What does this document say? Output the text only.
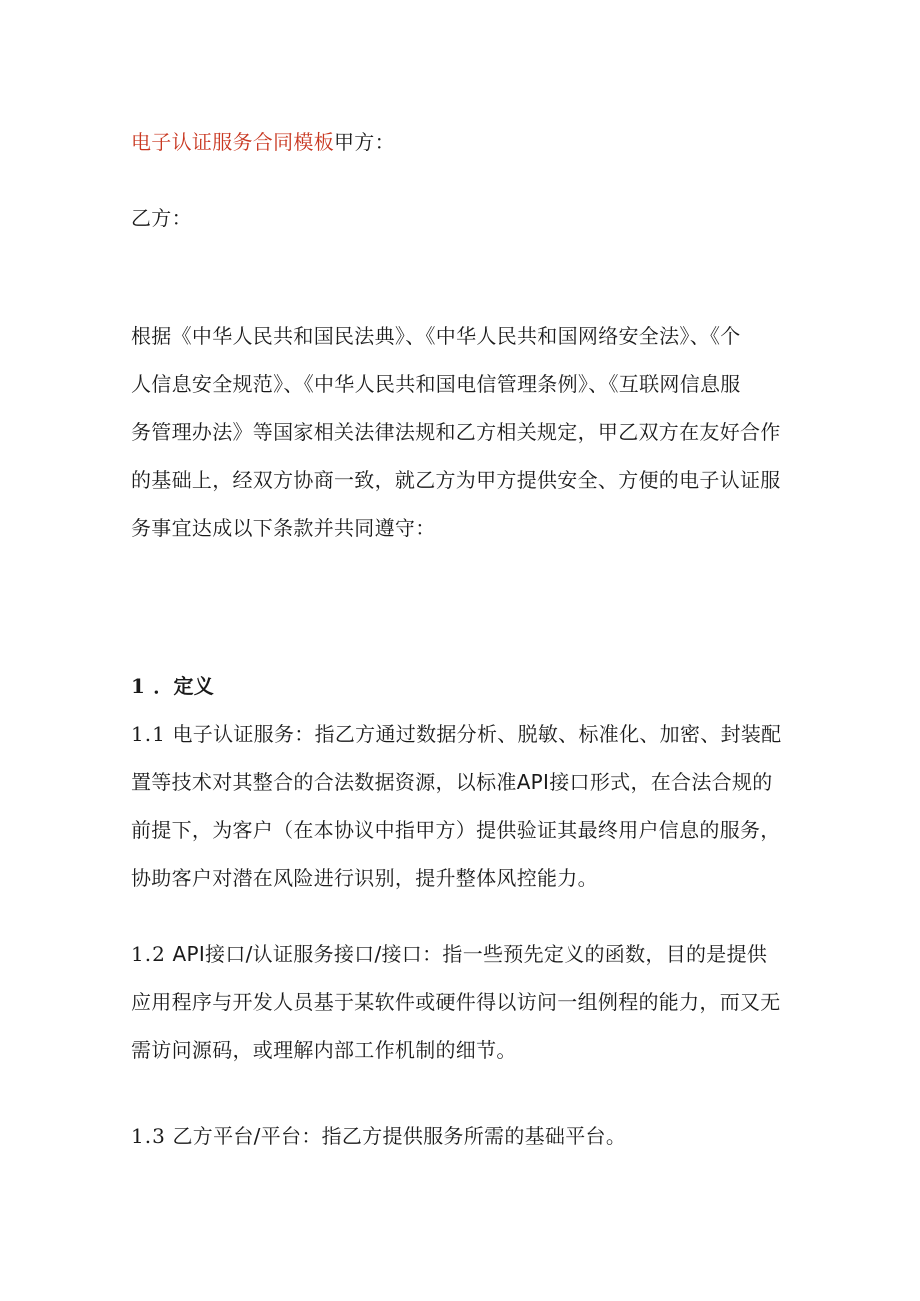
电子认证服务合同模板甲方：
乙方：
根据《中华人民共和国民法典》、《中华人民共和国网络安全法》、《个
人信息安全规范》、《中华人民共和国电信管理条例》、《互联网信息服
务管理办法》等国家相关法律法规和乙方相关规定，甲乙双方在友好合作
的基础上，经双方协商一致，就乙方为甲方提供安全、方便的电子认证服
务事宜达成以下条款并共同遵守：
1 ．定义
1.1 电子认证服务：指乙方通过数据分析、脱敏、标准化、加密、封装配
置等技术对其整合的合法数据资源，以标准API接口形式，在合法合规的
前提下，为客户（在本协议中指甲方）提供验证其最终用户信息的服务，
协助客户对潜在风险进行识别，提升整体风控能力。
1.2 API接口/认证服务接口/接口：指一些预先定义的函数，目的是提供
应用程序与开发人员基于某软件或硬件得以访问一组例程的能力，而又无
需访问源码，或理解内部工作机制的细节。
1.3 乙方平台/平台：指乙方提供服务所需的基础平台。
